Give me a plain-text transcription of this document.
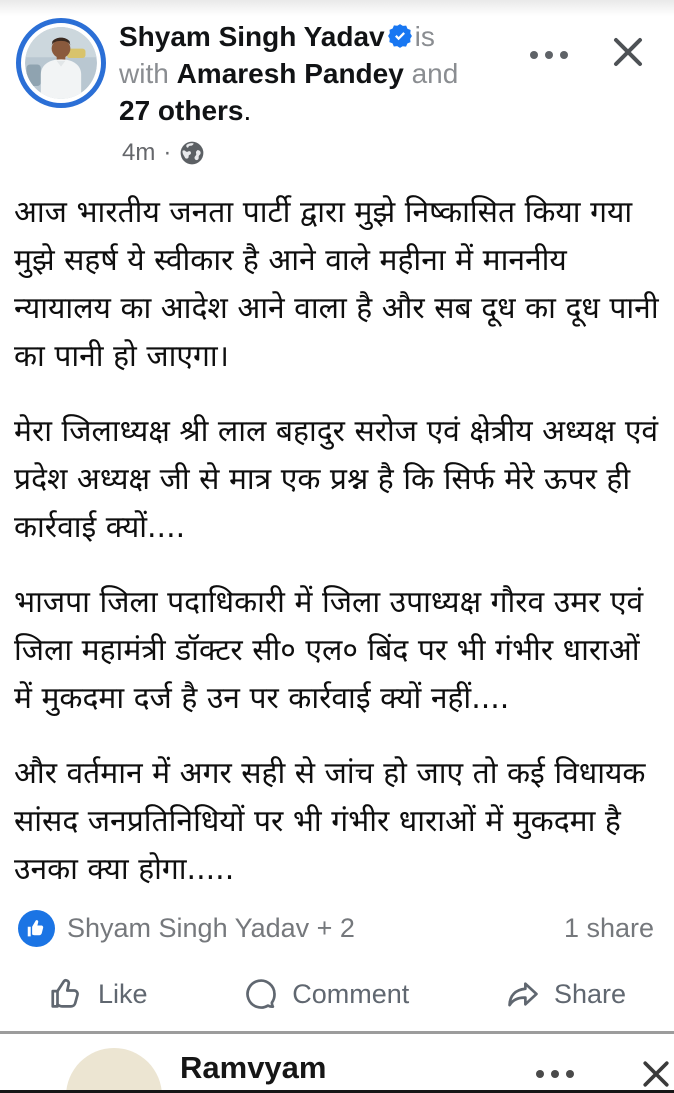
Shyam Singh Yadav is
with Amaresh Pandey and
27 others.
4m ·

आज भारतीय जनता पार्टी द्वारा मुझे निष्कासित किया गया मुझे सहर्ष ये स्वीकार है आने वाले महीना में माननीय न्यायालय का आदेश आने वाला है और सब दूध का दूध पानी का पानी हो जाएगा।

मेरा जिलाध्यक्ष श्री लाल बहादुर सरोज एवं क्षेत्रीय अध्यक्ष एवं प्रदेश अध्यक्ष जी से मात्र एक प्रश्न है कि सिर्फ मेरे ऊपर ही कार्रवाई क्यों....

भाजपा जिला पदाधिकारी में जिला उपाध्यक्ष गौरव उमर एवं जिला महामंत्री डॉक्टर सी० एल० बिंद पर भी गंभीर धाराओं में मुकदमा दर्ज है उन पर कार्रवाई क्यों नहीं....

और वर्तमान में अगर सही से जांच हो जाए तो कई विधायक सांसद जनप्रतिनिधियों पर भी गंभीर धाराओं में मुकदमा है उनका क्या होगा.....

Shyam Singh Yadav + 2	1 share
Like	Comment	Share
Ramvyam
